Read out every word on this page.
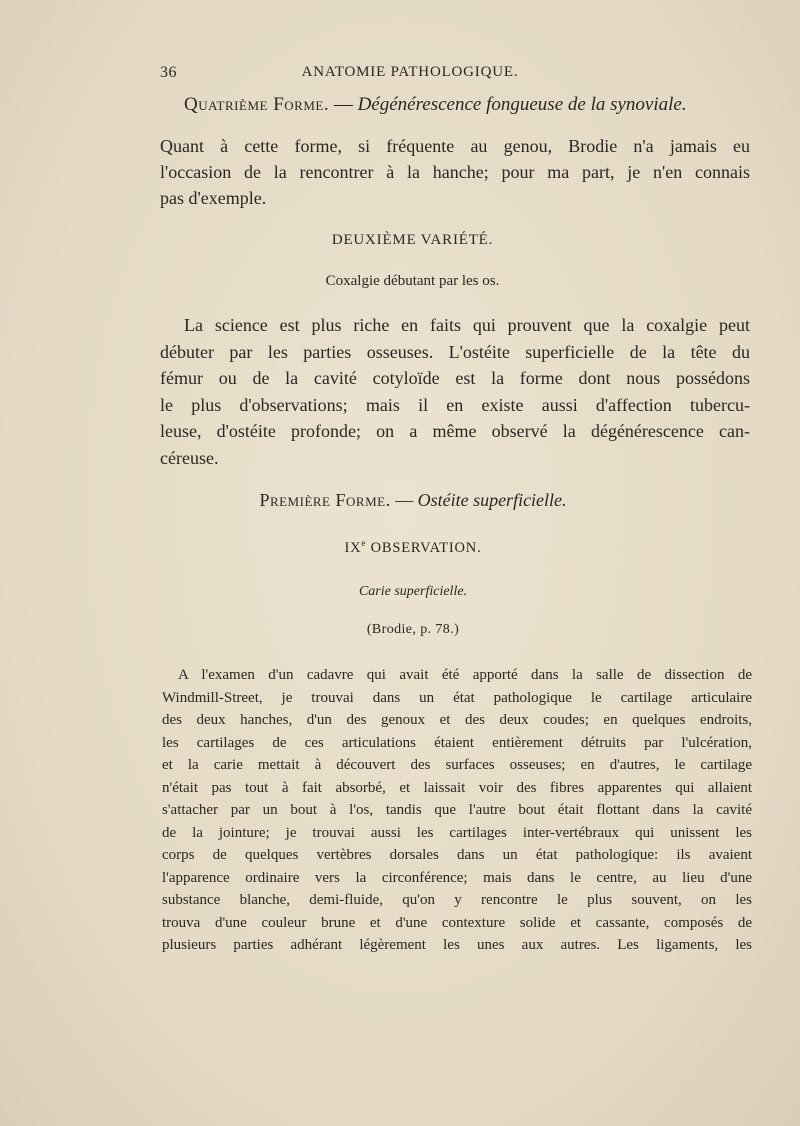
36	ANATOMIE PATHOLOGIQUE.
Quatrième Forme. — Dégénérescence fongueuse de la synoviale.
Quant à cette forme, si fréquente au genou, Brodie n'a jamais eu
l'occasion de la rencontrer à la hanche; pour ma part, je n'en connais
pas d'exemple.
DEUXIÈME VARIÉTÉ.
Coxalgie débutant par les os.
La science est plus riche en faits qui prouvent que la coxalgie peut
débuter par les parties osseuses. L'ostéite superficielle de la tête du
fémur ou de la cavité cotyloïde est la forme dont nous possédons
le plus d'observations; mais il en existe aussi d'affection tubercu-
leuse, d'ostéite profonde; on a même observé la dégénérescence can-
céreuse.
Première Forme. — Ostéite superficielle.
IXe OBSERVATION.
Carie superficielle.
(Brodie, p. 78.)
A l'examen d'un cadavre qui avait été apporté dans la salle de dissection de
Windmill-Street, je trouvai dans un état pathologique le cartilage articulaire
des deux hanches, d'un des genoux et des deux coudes; en quelques endroits,
les cartilages de ces articulations étaient entièrement détruits par l'ulcération,
et la carie mettait à découvert des surfaces osseuses; en d'autres, le cartilage
n'était pas tout à fait absorbé, et laissait voir des fibres apparentes qui allaient
s'attacher par un bout à l'os, tandis que l'autre bout était flottant dans la cavité
de la jointure; je trouvai aussi les cartilages inter-vertébraux qui unissent les
corps de quelques vertèbres dorsales dans un état pathologique: ils avaient
l'apparence ordinaire vers la circonférence; mais dans le centre, au lieu d'une
substance blanche, demi-fluide, qu'on y rencontre le plus souvent, on les
trouva d'une couleur brune et d'une contexture solide et cassante, composés de
plusieurs parties adhérant légèrement les unes aux autres. Les ligaments, les
